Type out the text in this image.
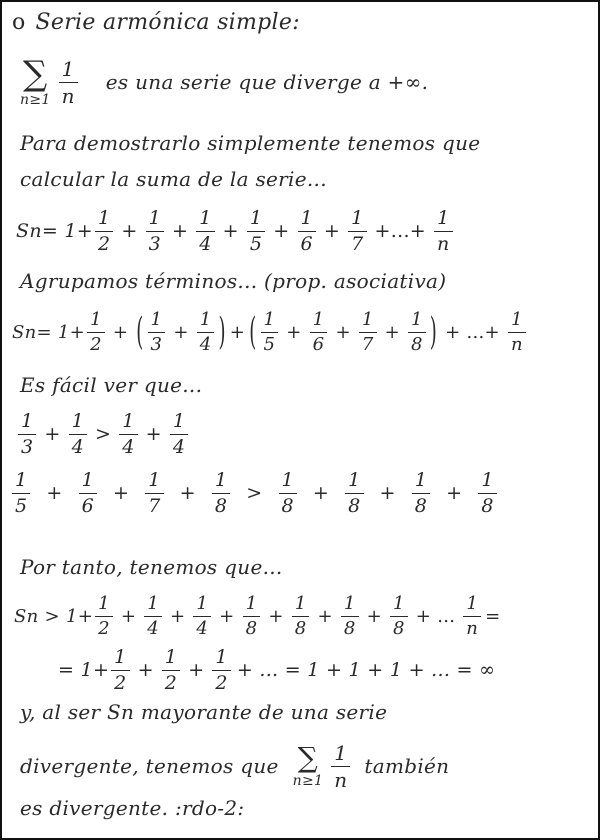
o Serie armónica simple:
∑
$n\ge 1 \frac{1}{n}$ es una serie que diverge a +∞.
Para demostrarlo simplemente tenemos que
calcular la suma de la serie...
$Sn= 1+ \frac{1}{2} + \frac{1}{3} + \frac{1}{4} + \frac{1}{5} + \frac{1}{6} + \frac{1}{7}$ +...+ $\frac{1}{n}$
Agrupamos términos... (prop. asociativa)
$Sn= 1+ \frac{1}{2}$ + ( $\frac{1}{3} + \frac{1}{4}$ ) + ( $\frac{1}{5} + \frac{1}{6} + \frac{1}{7} + \frac{1}{8}$ ) + ...+ $\frac{1}{n}$
Es fácil ver que...
$\frac{1}{3} + \frac{1}{4} > \frac{1}{4} + \frac{1}{4}$
$\frac{1}{5} + \frac{1}{6} + \frac{1}{7} + \frac{1}{8} > \frac{1}{8} + \frac{1}{8} + \frac{1}{8} + \frac{1}{8}$
Por tanto, tenemos que...
$Sn > 1+ \frac{1}{2} + \frac{1}{4} + \frac{1}{4} + \frac{1}{8} + \frac{1}{8} + \frac{1}{8} + \frac{1}{8}$ + ... $\frac{1}{n}$ =
= $1+ \frac{1}{2} + \frac{1}{2} + \frac{1}{2}$ + ... = 1 + 1 + 1 + ... = ∞
y, al ser Sn mayorante de una serie
divergente, tenemos que ∑
$n\ge 1 \frac{1}{n}$ también
es divergente. :rdo-2:
